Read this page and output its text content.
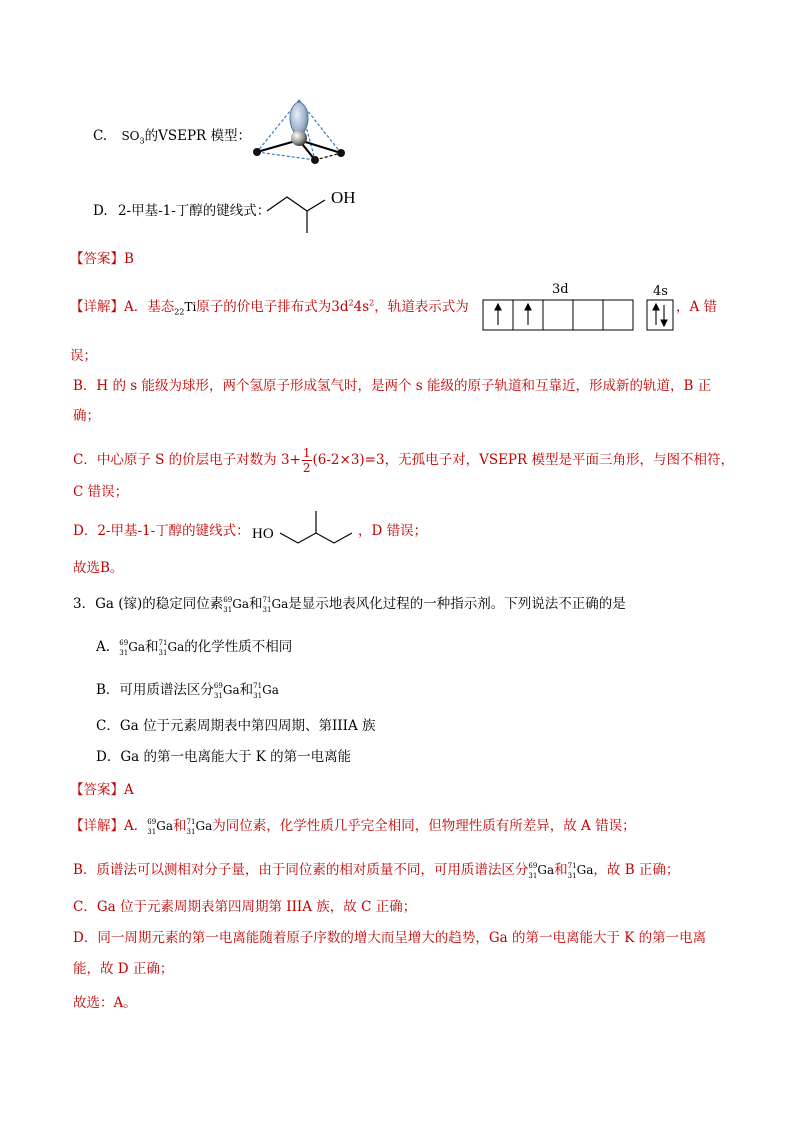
C. $SO_3$的VSEPR 模型：
D. 2-甲基-1-丁醇的键线式：
OH
【答案】B
【详解】A．基态$_{22}$Ti原子的价电子排布式为$3d^24s^2$，轨道表示式为
3d	4s
，A 错
误；
B．H 的 s 能级为球形，两个氢原子形成氢气时，是两个 s 能级的原子轨道和互靠近，形成新的轨道，B 正
确；
C．中心原子 S 的价层电子对数为 $3+ \frac{1}{2} (6-2\times 3)=3$，无孤电子对，VSEPR 模型是平面三角形，与图不相符，
C 错误；
D．2-甲基-1-丁醇的键线式： HO	，D 错误；
故选B。
3．Ga (镓)的稳定同位素 69
31 Ga和 71
31 Ga是显示地表风化过程的一种指示剂。下列说法不正确的是
A． 69
31 Ga和 71
31 Ga的化学性质不相同
B．可用质谱法区分 69
31 Ga和 71
31 Ga
C．Ga 位于元素周期表中第四周期、第IIIA 族
D．Ga 的第一电离能大于 K 的第一电离能
【答案】A
【详解】A． 69
31 Ga和 71
31 Ga为同位素，化学性质几乎完全相同，但物理性质有所差异，故 A 错误；
B．质谱法可以测相对分子量，由于同位素的相对质量不同，可用质谱法区分 69
31 Ga和 71
31 Ga，故 B 正确；
C．Ga 位于元素周期表第四周期第 IIIA 族，故 C 正确；
D．同一周期元素的第一电离能随着原子序数的增大而呈增大的趋势，Ga 的第一电离能大于 K 的第一电离
能，故 D 正确；
故选：A。
